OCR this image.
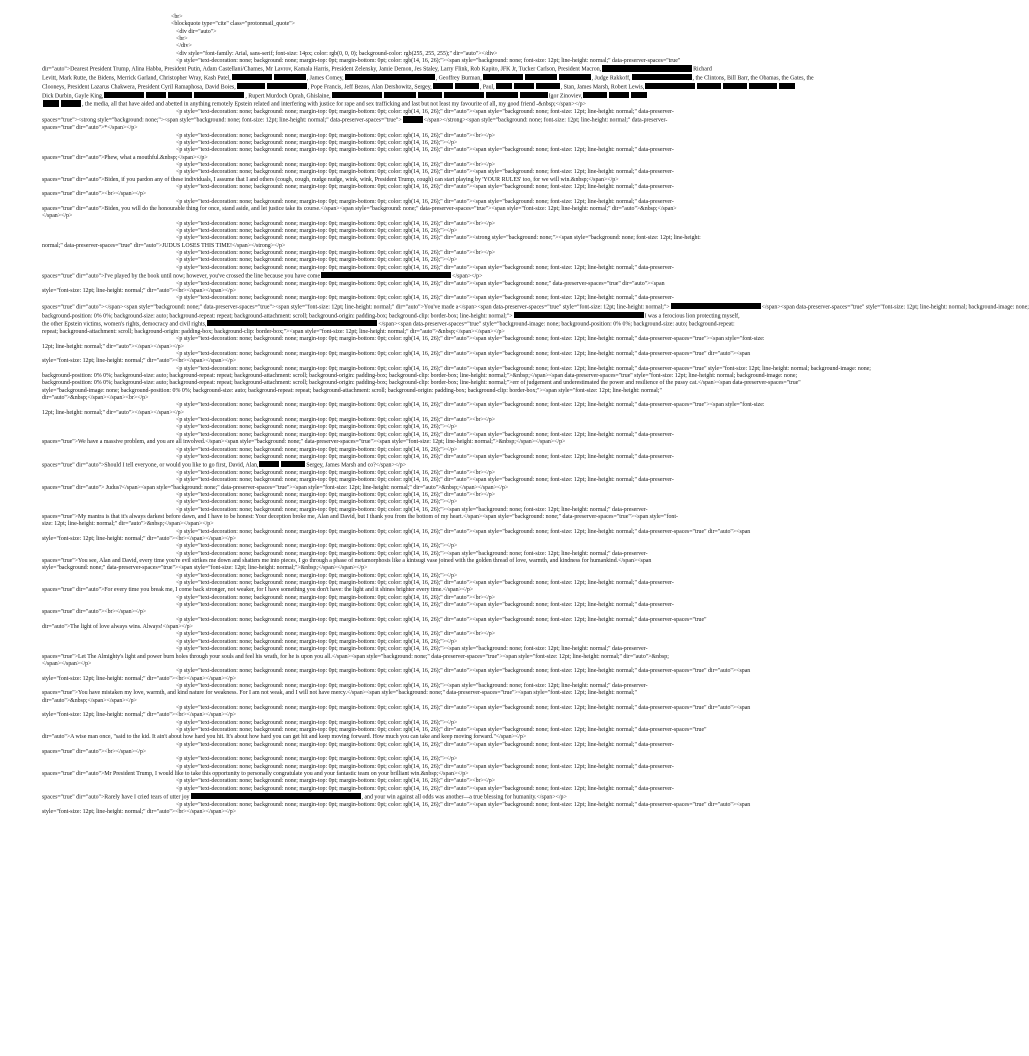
<br>
<blockquote type="cite" class="protonmail_quote">
<div dir="auto">
<br>
</div>
<div style="font-family: Arial, sans-serif; font-size: 14px; color: rgb(0, 0, 0); background-color: rgb(255, 255, 255);" dir="auto"></div>
<p style="text-decoration: none; background: none; margin-top: 0pt; margin-bottom: 0pt; color: rgb(14, 16, 26);"><span style="background: none; font-size: 12pt; line-height: normal;" data-preserver-spaces="true"
dir="auto">Dearest President Trump, Alina Habba, President Putin, Adam Castellani/Chames, Mr Lavrov, Kamala Harris, President Zelensky, Jamie Demon, Jes Staley, Larry Flink, Rob Kapito, JFK Jr, Tucker Carlson, President Macron,	Richard
Levitt, Mark Rutte, the Bidens, Merrick Garland, Christopher Wray, Kash Patel,	, James Comey,	, Geoffrey Burman,	, Judge Rakkoff,	, the Clintons, Bill Barr, the Obamas, the Gates, the
Clooneys, President Lazarus Chakwera, President Cyril Ramaphosa, David Boies,	, Pope Francis, Jeff Bezos, Alan Dershowitz, Sergey,	, Paul,	, Stan, James Marsh, Robert Lewis,
Dick Durbin, Gayle King,	, Rupert Murdoch Oprah, Ghislaine,	Igor Zinoviev,
, the media, all that have aided and abetted in anything remotely Epstein related and interfering with justice for rape and sex trafficking and last but not least my favourite of all, my good friend -&nbsp;</span></p>
<p style="text-decoration: none; background: none; margin-top: 0pt; margin-bottom: 0pt; color: rgb(14, 16, 26);" dir="auto"><span style="background: none; font-size: 12pt; line-height: normal;" data-preserver-
spaces="true"><strong style="background: none;"><span style="background: none; font-size: 12pt; line-height: normal;" data-preserver-spaces="true">	</span></strong><span style="background: none; font-size: 12pt; line-height: normal;" data-preserver-
spaces="true" dir="auto">*</span></p>
<p style="text-decoration: none; background: none; margin-top: 0pt; margin-bottom: 0pt; color: rgb(14, 16, 26);" dir="auto"><br></p>
<p style="text-decoration: none; background: none; margin-top: 0pt; margin-bottom: 0pt; color: rgb(14, 16, 26);"></p>
<p style="text-decoration: none; background: none; margin-top: 0pt; margin-bottom: 0pt; color: rgb(14, 16, 26);" dir="auto"><span style="background: none; font-size: 12pt; line-height: normal;" data-preserver-
spaces="true" dir="auto">Phew, what a mouthful.&nbsp;</span></p>
<p style="text-decoration: none; background: none; margin-top: 0pt; margin-bottom: 0pt; color: rgb(14, 16, 26);" dir="auto"><br></p>
<p style="text-decoration: none; background: none; margin-top: 0pt; margin-bottom: 0pt; color: rgb(14, 16, 26);" dir="auto"><span style="background: none; font-size: 12pt; line-height: normal;" data-preserver-
spaces="true" dir="auto">Biden, if you pardon any of these individuals, I assume that I and others (cough, cough, nudge nudge, wink, wink, President Trump, cough) can start playing by 'YOUR RULES' too, for we will win.&nbsp;</span></p>
<p style="text-decoration: none; background: none; margin-top: 0pt; margin-bottom: 0pt; color: rgb(14, 16, 26);" dir="auto"><span style="background: none; font-size: 12pt; line-height: normal;" data-preserver-
spaces="true" dir="auto"><br></span></p>
<p style="text-decoration: none; background: none; margin-top: 0pt; margin-bottom: 0pt; color: rgb(14, 16, 26);" dir="auto"><span style="background: none; font-size: 12pt; line-height: normal;" data-preserver-
spaces="true" dir="auto">Biden, you will do the honourable thing for once, stand aside, and let justice take its course.</span><span style="background: none;" data-preserver-spaces="true"><span style="font-size: 12pt; line-height: normal;" dir="auto">&nbsp;</span>
</span></p>
<p style="text-decoration: none; background: none; margin-top: 0pt; margin-bottom: 0pt; color: rgb(14, 16, 26);" dir="auto"><br></p>
<p style="text-decoration: none; background: none; margin-top: 0pt; margin-bottom: 0pt; color: rgb(14, 16, 26);"></p>
<p style="text-decoration: none; background: none; margin-top: 0pt; margin-bottom: 0pt; color: rgb(14, 16, 26);" dir="auto"><strong style="background: none;"><span style="background: none; font-size: 12pt; line-height:
normal;" data-preserver-spaces="true" dir="auto">JUDUS LOSES THIS TIME!</span></strong></p>
<p style="text-decoration: none; background: none; margin-top: 0pt; margin-bottom: 0pt; color: rgb(14, 16, 26);" dir="auto"><br></p>
<p style="text-decoration: none; background: none; margin-top: 0pt; margin-bottom: 0pt; color: rgb(14, 16, 26);"></p>
<p style="text-decoration: none; background: none; margin-top: 0pt; margin-bottom: 0pt; color: rgb(14, 16, 26);" dir="auto"><span style="background: none; font-size: 12pt; line-height: normal;" data-preserver-
spaces="true" dir="auto">I've played by the book until now; however, you've crossed the line because you have come	</span></p>
<p style="text-decoration: none; background: none; margin-top: 0pt; margin-bottom: 0pt; color: rgb(14, 16, 26);" dir="auto"><span style="background: none;" data-preserver-spaces="true" dir="auto"><span
style="font-size: 12pt; line-height: normal;" dir="auto"><br></span></span></p>
<p style="text-decoration: none; background: none; margin-top: 0pt; margin-bottom: 0pt; color: rgb(14, 16, 26);" dir="auto"><span style="background: none; font-size: 12pt; line-height: normal;" data-preserver-
spaces="true" dir="auto"></span><span style="background: none;" data-preserver-spaces="true"><span style="font-size: 12pt; line-height: normal;" dir="auto">You've made a</span><span data-preserver-spaces="true" style="font-size: 12pt; line-height: normal;">	</span><span data-preserver-spaces="true" style="font-size: 12pt; line-height: normal; background-image: none;
background-position: 0% 0%; background-size: auto; background-repeat: repeat; background-attachment: scroll; background-origin: padding-box; background-clip: border-box; line-height: normal;">	I was a ferocious lion protecting myself,
the other Epstein victims, women's rights, democracy and civil rights,	</span><span data-preserver-spaces="true" style="background-image: none; background-position: 0% 0%; background-size: auto; background-repeat:
repeat; background-attachment: scroll; background-origin: padding-box; background-clip: border-box;"><span style="font-size: 12pt; line-height: normal;" dir="auto">&nbsp;</span></span></p>
<p style="text-decoration: none; background: none; margin-top: 0pt; margin-bottom: 0pt; color: rgb(14, 16, 26);" dir="auto"><span style="background: none; font-size: 12pt; line-height: normal;" data-preserver-spaces="true"><span style="font-size:
12pt; line-height: normal;" dir="auto"></span></span></p>
<p style="text-decoration: none; background: none; margin-top: 0pt; margin-bottom: 0pt; color: rgb(14, 16, 26);" dir="auto"><span style="background: none; font-size: 12pt; line-height: normal;" data-preserver-spaces="true" dir="auto"><span
style="font-size: 12pt; line-height: normal;" dir="auto"><br></span></span></p>
<p style="text-decoration: none; background: none; margin-top: 0pt; margin-bottom: 0pt; color: rgb(14, 16, 26);" dir="auto"><span style="background: none; font-size: 12pt; line-height: normal;" data-preserver-spaces="true" style="font-size: 12pt; line-height: normal; background-image: none;
background-position: 0% 0%; background-size: auto; background-repeat: repeat; background-attachment: scroll; background-origin: padding-box; background-clip: border-box; line-height: normal;">&nbsp;</span><span data-preserver-spaces="true" style="font-size: 12pt; line-height: normal; background-image: none;
background-position: 0% 0%; background-size: auto; background-repeat: repeat; background-attachment: scroll; background-origin: padding-box; background-clip: border-box; line-height: normal;">err of judgement and underestimated the power and resilience of the pussy cat.</span><span data-preserver-spaces="true"
style="background-image: none; background-position: 0% 0%; background-size: auto; background-repeat: repeat; background-attachment: scroll; background-origin: padding-box; background-clip: border-box;"><span style="font-size: 12pt; line-height: normal;"
dir="auto">&nbsp;</span></span><br></p>
<p style="text-decoration: none; background: none; margin-top: 0pt; margin-bottom: 0pt; color: rgb(14, 16, 26);" dir="auto"><span style="background: none; font-size: 12pt; line-height: normal;" data-preserver-spaces="true"><span style="font-size:
12pt; line-height: normal;" dir="auto"></span></span></p>
<p style="text-decoration: none; background: none; margin-top: 0pt; margin-bottom: 0pt; color: rgb(14, 16, 26);" dir="auto"><br></p>
<p style="text-decoration: none; background: none; margin-top: 0pt; margin-bottom: 0pt; color: rgb(14, 16, 26);"></p>
<p style="text-decoration: none; background: none; margin-top: 0pt; margin-bottom: 0pt; color: rgb(14, 16, 26);" dir="auto"><span style="background: none; font-size: 12pt; line-height: normal;" data-preserver-
spaces="true">We have a massive problem, and you are all involved.</span><span style="background: none;" data-preserver-spaces="true"><span style="font-size: 12pt; line-height: normal;">&nbsp;</span></span></p>
<p style="text-decoration: none; background: none; margin-top: 0pt; margin-bottom: 0pt; color: rgb(14, 16, 26);"></p>
<p style="text-decoration: none; background: none; margin-top: 0pt; margin-bottom: 0pt; color: rgb(14, 16, 26);" dir="auto"><span style="background: none; font-size: 12pt; line-height: normal;" data-preserver-
spaces="true" dir="auto">Should I tell everyone, or would you like to go first, David, Alan,	Sergey, James Marsh and co?</span></p>
<p style="text-decoration: none; background: none; margin-top: 0pt; margin-bottom: 0pt; color: rgb(14, 16, 26);" dir="auto"><br></p>
<p style="text-decoration: none; background: none; margin-top: 0pt; margin-bottom: 0pt; color: rgb(14, 16, 26);" dir="auto"><span style="background: none; font-size: 12pt; line-height: normal;" data-preserver-
spaces="true" dir="auto"> Judus?</span><span style="background: none;" data-preserver-spaces="true"><span style="font-size: 12pt; line-height: normal;" dir="auto">&nbsp;</span></span></p>
<p style="text-decoration: none; background: none; margin-top: 0pt; margin-bottom: 0pt; color: rgb(14, 16, 26);" dir="auto"><br></p>
<p style="text-decoration: none; background: none; margin-top: 0pt; margin-bottom: 0pt; color: rgb(14, 16, 26);"></p>
<p style="text-decoration: none; background: none; margin-top: 0pt; margin-bottom: 0pt; color: rgb(14, 16, 26);"><span style="background: none; font-size: 12pt; line-height: normal;" data-preserver-
spaces="true">My mantra is that it's always darkest before dawn, and I have to be honest: Your deception broke me, Alan and David, but I thank you from the bottom of my heart.</span><span style="background: none;" data-preserver-spaces="true"><span style="font-
size: 12pt; line-height: normal;" dir="auto">&nbsp;</span></span></p>
<p style="text-decoration: none; background: none; margin-top: 0pt; margin-bottom: 0pt; color: rgb(14, 16, 26);" dir="auto"><span style="background: none; font-size: 12pt; line-height: normal;" data-preserver-spaces="true" dir="auto"><span
style="font-size: 12pt; line-height: normal;" dir="auto"><br></span></span></p>
<p style="text-decoration: none; background: none; margin-top: 0pt; margin-bottom: 0pt; color: rgb(14, 16, 26);"></p>
<p style="text-decoration: none; background: none; margin-top: 0pt; margin-bottom: 0pt; color: rgb(14, 16, 26);"><span style="background: none; font-size: 12pt; line-height: normal;" data-preserver-
spaces="true">You see, Alan and David, every time you're evil strikes me down and shatters me into pieces, I go through a phase of metamorphosis like a kintsugi vase joined with the golden thread of love, warmth, and kindness for humankind.</span><span
style="background: none;" data-preserver-spaces="true"><span style="font-size: 12pt; line-height: normal;">&nbsp;</span></span></p>
<p style="text-decoration: none; background: none; margin-top: 0pt; margin-bottom: 0pt; color: rgb(14, 16, 26);"></p>
<p style="text-decoration: none; background: none; margin-top: 0pt; margin-bottom: 0pt; color: rgb(14, 16, 26);" dir="auto"><span style="background: none; font-size: 12pt; line-height: normal;" data-preserver-
spaces="true" dir="auto">For every time you break me, I come back stronger, not weaker, for I have something you don't have: the light and it shines brighter every time.</span></p>
<p style="text-decoration: none; background: none; margin-top: 0pt; margin-bottom: 0pt; color: rgb(14, 16, 26);" dir="auto"><br></p>
<p style="text-decoration: none; background: none; margin-top: 0pt; margin-bottom: 0pt; color: rgb(14, 16, 26);" dir="auto"><span style="background: none; font-size: 12pt; line-height: normal;" data-preserver-
spaces="true" dir="auto"><br></span></p>
<p style="text-decoration: none; background: none; margin-top: 0pt; margin-bottom: 0pt; color: rgb(14, 16, 26);" dir="auto"><span style="background: none; font-size: 12pt; line-height: normal;" data-preserver-spaces="true"
dir="auto">The light of love always wins. Always!</span></p>
<p style="text-decoration: none; background: none; margin-top: 0pt; margin-bottom: 0pt; color: rgb(14, 16, 26);" dir="auto"><br></p>
<p style="text-decoration: none; background: none; margin-top: 0pt; margin-bottom: 0pt; color: rgb(14, 16, 26);"></p>
<p style="text-decoration: none; background: none; margin-top: 0pt; margin-bottom: 0pt; color: rgb(14, 16, 26);"><span style="background: none; font-size: 12pt; line-height: normal;" data-preserver-
spaces="true">Let The Almighty's light and power burn holes through your souls and feel his wrath, for he is upon you all.</span><span style="background: none;" data-preserver-spaces="true"><span style="font-size: 12pt; line-height: normal;" dir="auto">&nbsp;
</span></span></p>
<p style="text-decoration: none; background: none; margin-top: 0pt; margin-bottom: 0pt; color: rgb(14, 16, 26);" dir="auto"><span style="background: none; font-size: 12pt; line-height: normal;" data-preserver-spaces="true" dir="auto"><span
style="font-size: 12pt; line-height: normal;" dir="auto"><br></span></span></p>
<p style="text-decoration: none; background: none; margin-top: 0pt; margin-bottom: 0pt; color: rgb(14, 16, 26);"><span style="background: none; font-size: 12pt; line-height: normal;" data-preserver-
spaces="true">You have mistaken my love, warmth, and kind nature for weakness. For I am not weak, and I will not have mercy.</span><span style="background: none;" data-preserver-spaces="true"><span style="font-size: 12pt; line-height: normal;"
dir="auto">&nbsp;</span></span></p>
<p style="text-decoration: none; background: none; margin-top: 0pt; margin-bottom: 0pt; color: rgb(14, 16, 26);" dir="auto"><span style="background: none; font-size: 12pt; line-height: normal;" data-preserver-spaces="true" dir="auto"><span
style="font-size: 12pt; line-height: normal;" dir="auto"><br></span></span></p>
<p style="text-decoration: none; background: none; margin-top: 0pt; margin-bottom: 0pt; color: rgb(14, 16, 26);"></p>
<p style="text-decoration: none; background: none; margin-top: 0pt; margin-bottom: 0pt; color: rgb(14, 16, 26);" dir="auto"><span style="background: none; font-size: 12pt; line-height: normal;" data-preserver-spaces="true"
dir="auto">A wise man once, "said to the kid. It ain't about how hard you hit. It's about how hard you can get hit and keep moving forward. How much you can take and keep moving forward."</span></p>
<p style="text-decoration: none; background: none; margin-top: 0pt; margin-bottom: 0pt; color: rgb(14, 16, 26);" dir="auto"><span style="background: none; font-size: 12pt; line-height: normal;" data-preserver-
spaces="true" dir="auto"><br></span></p>
<p style="text-decoration: none; background: none; margin-top: 0pt; margin-bottom: 0pt; color: rgb(14, 16, 26);"></p>
<p style="text-decoration: none; background: none; margin-top: 0pt; margin-bottom: 0pt; color: rgb(14, 16, 26);" dir="auto"><span style="background: none; font-size: 12pt; line-height: normal;" data-preserver-
spaces="true" dir="auto">Mr President Trump, I would like to take this opportunity to personally congratulate you and your fantastic team on your brilliant win.&nbsp;</span></p>
<p style="text-decoration: none; background: none; margin-top: 0pt; margin-bottom: 0pt; color: rgb(14, 16, 26);" dir="auto"><br></p>
<p style="text-decoration: none; background: none; margin-top: 0pt; margin-bottom: 0pt; color: rgb(14, 16, 26);" dir="auto"><span style="background: none; font-size: 12pt; line-height: normal;" data-preserver-
spaces="true" dir="auto">Rarely have I cried tears of utter joy	, and your win against all odds was another—a true blessing for humanity.</span></p>
<p style="text-decoration: none; background: none; margin-top: 0pt; margin-bottom: 0pt; color: rgb(14, 16, 26);" dir="auto"><span style="background: none; font-size: 12pt; line-height: normal;" data-preserver-spaces="true" dir="auto"><span
style="font-size: 12pt; line-height: normal;" dir="auto"><br></span></span></p>
